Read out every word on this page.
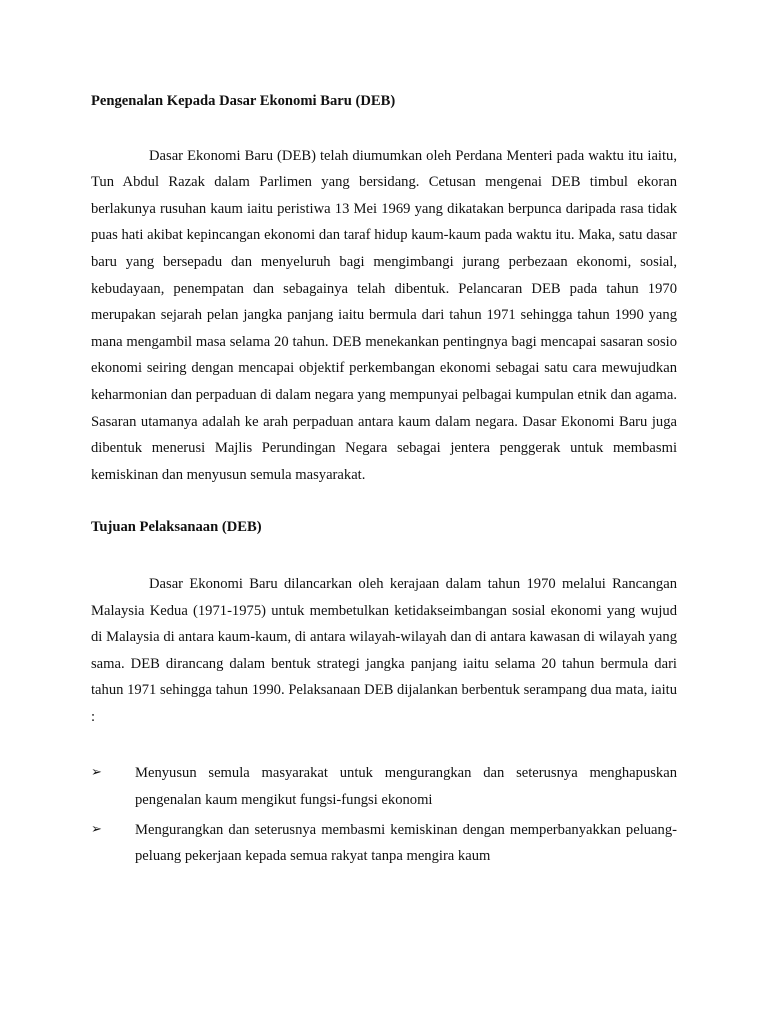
Pengenalan Kepada Dasar Ekonomi Baru (DEB)

Dasar Ekonomi Baru (DEB) telah diumumkan oleh Perdana Menteri pada waktu itu iaitu, Tun Abdul Razak dalam Parlimen yang bersidang. Cetusan mengenai DEB timbul ekoran berlakunya rusuhan kaum iaitu peristiwa 13 Mei 1969 yang dikatakan berpunca daripada rasa tidak puas hati akibat kepincangan ekonomi dan taraf hidup kaum-kaum pada waktu itu. Maka, satu dasar baru yang bersepadu dan menyeluruh bagi mengimbangi jurang perbezaan ekonomi, sosial, kebudayaan, penempatan dan sebagainya telah dibentuk. Pelancaran DEB pada tahun 1970 merupakan sejarah pelan jangka panjang iaitu bermula dari tahun 1971 sehingga tahun 1990 yang mana mengambil masa selama 20 tahun. DEB menekankan pentingnya bagi mencapai sasaran sosio ekonomi seiring dengan mencapai objektif perkembangan ekonomi sebagai satu cara mewujudkan keharmonian dan perpaduan di dalam negara yang mempunyai pelbagai kumpulan etnik dan agama. Sasaran utamanya adalah ke arah perpaduan antara kaum dalam negara. Dasar Ekonomi Baru juga dibentuk menerusi Majlis Perundingan Negara sebagai jentera penggerak untuk membasmi kemiskinan dan menyusun semula masyarakat.

Tujuan Pelaksanaan (DEB)

Dasar Ekonomi Baru dilancarkan oleh kerajaan dalam tahun 1970 melalui Rancangan Malaysia Kedua (1971-1975) untuk membetulkan ketidakseimbangan sosial ekonomi yang wujud di Malaysia di antara kaum-kaum, di antara wilayah-wilayah dan di antara kawasan di wilayah yang sama. DEB dirancang dalam bentuk strategi jangka panjang iaitu selama 20 tahun bermula dari tahun 1971 sehingga tahun 1990. Pelaksanaan DEB dijalankan berbentuk serampang dua mata, iaitu :

➢	Menyusun semula masyarakat untuk mengurangkan dan seterusnya menghapuskan pengenalan kaum mengikut fungsi-fungsi ekonomi
➢	Mengurangkan dan seterusnya membasmi kemiskinan dengan memperbanyakkan peluang-peluang pekerjaan kepada semua rakyat tanpa mengira kaum
